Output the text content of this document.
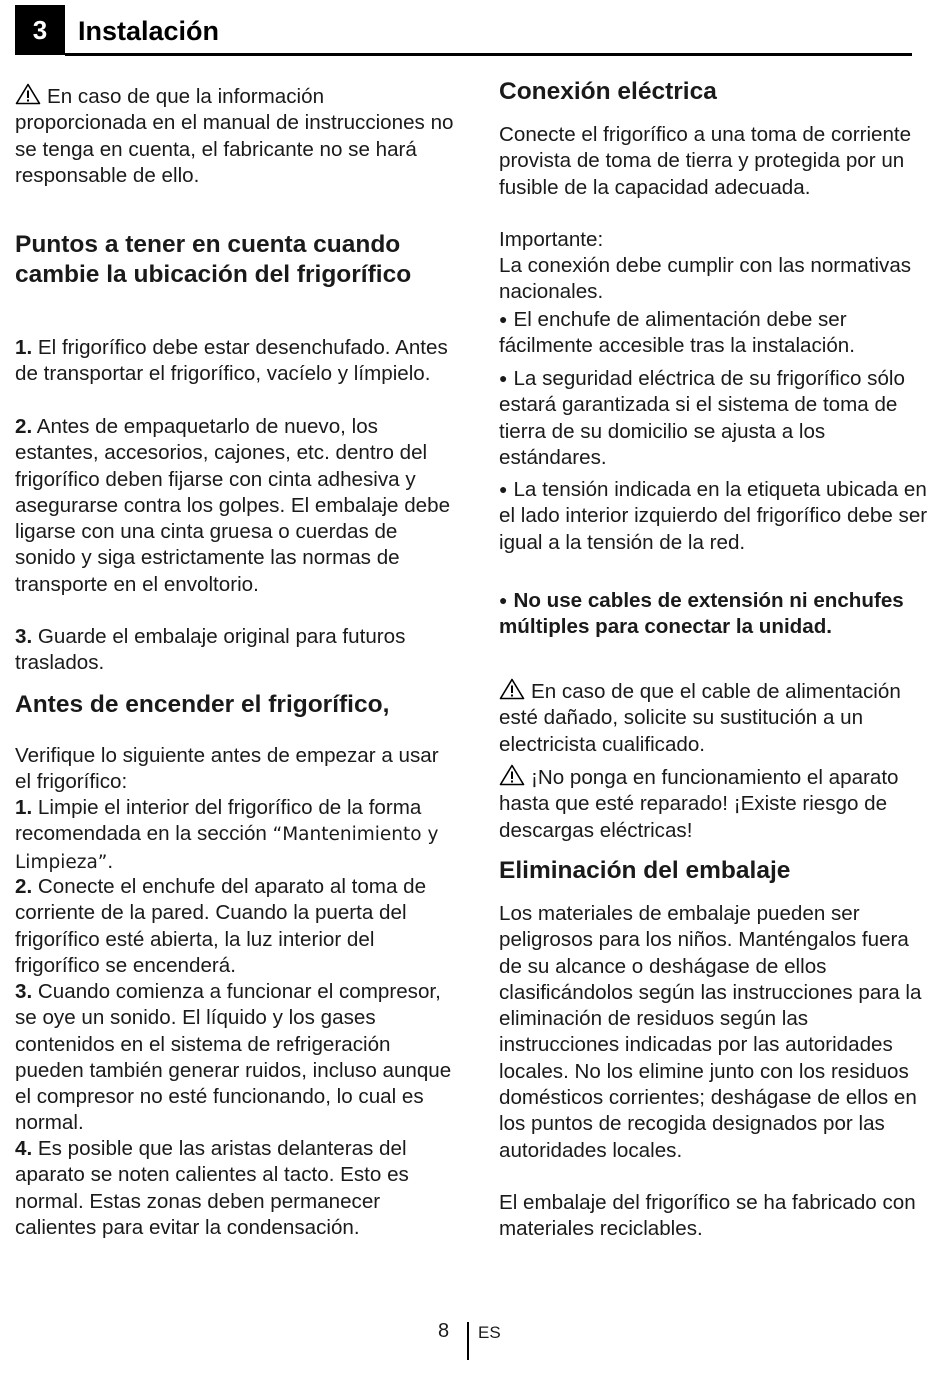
3	Instalación

En caso de que la información proporcionada en el manual de instrucciones no se tenga en cuenta, el fabricante no se hará responsable de ello.

Puntos a tener en cuenta cuando cambie la ubicación del frigorífico

1. El frigorífico debe estar desenchufado. Antes de transportar el frigorífico, vacíelo y límpielo.

2. Antes de empaquetarlo de nuevo, los estantes, accesorios, cajones, etc. dentro del frigorífico deben fijarse con cinta adhesiva y asegurarse contra los golpes. El embalaje debe ligarse con una cinta gruesa o cuerdas de sonido y siga estrictamente las normas de transporte en el envoltorio.

3. Guarde el embalaje original para futuros traslados.

Antes de encender el frigorífico,

Verifique lo siguiente antes de empezar a usar el frigorífico:

1. Limpie el interior del frigorífico de la forma recomendada en la sección “Mantenimiento y Limpieza”.

2. Conecte el enchufe del aparato al toma de corriente de la pared. Cuando la puerta del frigorífico esté abierta, la luz interior del frigorífico se encenderá.

3. Cuando comienza a funcionar el compresor, se oye un sonido. El líquido y los gases contenidos en el sistema de refrigeración pueden también generar ruidos, incluso aunque el compresor no esté funcionando, lo cual es normal.

4. Es posible que las aristas delanteras del aparato se noten calientes al tacto. Esto es normal. Estas zonas deben permanecer calientes para evitar la condensación.

Conexión eléctrica

Conecte el frigorífico a una toma de corriente provista de toma de tierra y protegida por un fusible de la capacidad adecuada.

Importante:

La conexión debe cumplir con las normativas nacionales.

● El enchufe de alimentación debe ser fácilmente accesible tras la instalación.

● La seguridad eléctrica de su frigorífico sólo estará garantizada si el sistema de toma de tierra de su domicilio se ajusta a los estándares.

● La tensión indicada en la etiqueta ubicada en el lado interior izquierdo del frigorífico debe ser igual a la tensión de la red.

● No use cables de extensión ni enchufes múltiples para conectar la unidad.

En caso de que el cable de alimentación esté dañado, solicite su sustitución a un electricista cualificado.

¡No ponga en funcionamiento el aparato hasta que esté reparado! ¡Existe riesgo de descargas eléctricas!

Eliminación del embalaje

Los materiales de embalaje pueden ser peligrosos para los niños. Manténgalos fuera de su alcance o deshágase de ellos clasificándolos según las instrucciones para la eliminación de residuos según las instrucciones indicadas por las autoridades locales. No los elimine junto con los residuos domésticos corrientes; deshágase de ellos en los puntos de recogida designados por las autoridades locales.

El embalaje del frigorífico se ha fabricado con materiales reciclables.

8 ES
